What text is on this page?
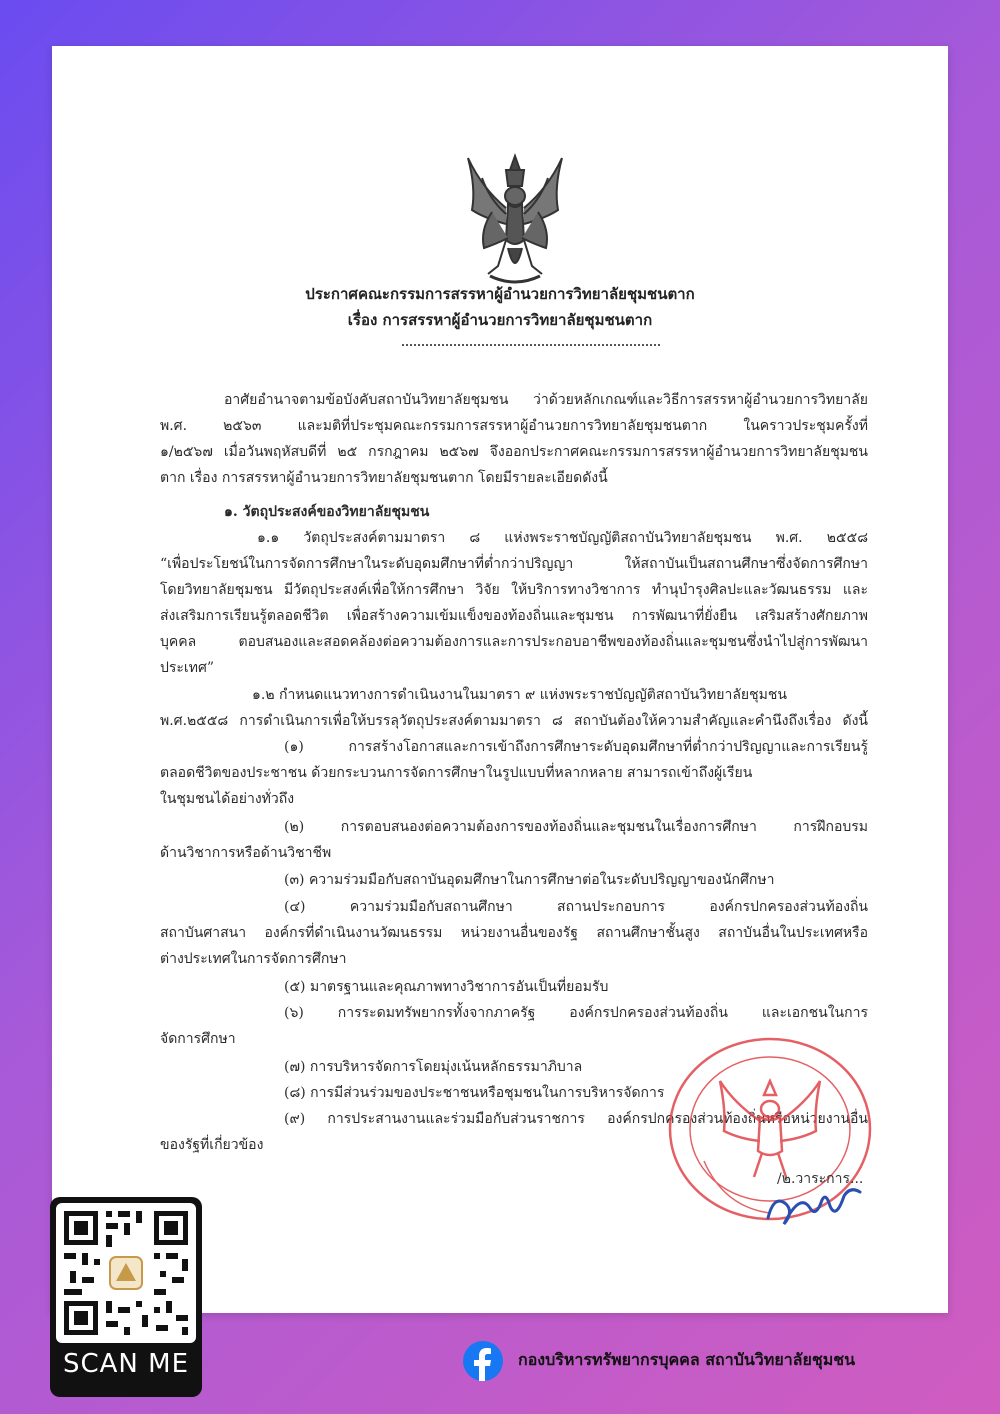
ประกาศคณะกรรมการสรรหาผู้อำนวยการวิทยาลัยชุมชนตาก
เรื่อง การสรรหาผู้อำนวยการวิทยาลัยชุมชนตาก
อาศัยอำนาจตามข้อบังคับสถาบันวิทยาลัยชุมชน ว่าด้วยหลักเกณฑ์และวิธีการสรรหาผู้อำนวยการวิทยาลัย
พ.ศ. ๒๕๖๓ และมติที่ประชุมคณะกรรมการสรรหาผู้อำนวยการวิทยาลัยชุมชนตาก ในคราวประชุมครั้งที่
๑/๒๕๖๗ เมื่อวันพฤหัสบดีที่ ๒๕ กรกฎาคม ๒๕๖๗ จึงออกประกาศคณะกรรมการสรรหาผู้อำนวยการวิทยาลัยชุมชน
ตาก เรื่อง การสรรหาผู้อำนวยการวิทยาลัยชุมชนตาก โดยมีรายละเอียดดังนี้
๑. วัตถุประสงค์ของวิทยาลัยชุมชน
๑.๑ วัตถุประสงค์ตามมาตรา ๘ แห่งพระราชบัญญัติสถาบันวิทยาลัยชุมชน พ.ศ. ๒๕๕๘
“เพื่อประโยชน์ในการจัดการศึกษาในระดับอุดมศึกษาที่ต่ำกว่าปริญญา ให้สถาบันเป็นสถานศึกษาซึ่งจัดการศึกษา
โดยวิทยาลัยชุมชน มีวัตถุประสงค์เพื่อให้การศึกษา วิจัย ให้บริการทางวิชาการ ทำนุบำรุงศิลปะและวัฒนธรรม และ
ส่งเสริมการเรียนรู้ตลอดชีวิต เพื่อสร้างความเข้มแข็งของท้องถิ่นและชุมชน การพัฒนาที่ยั่งยืน เสริมสร้างศักยภาพ
บุคคล ตอบสนองและสอดคล้องต่อความต้องการและการประกอบอาชีพของท้องถิ่นและชุมชนซึ่งนำไปสู่การพัฒนา
ประเทศ”
๑.๒ กำหนดแนวทางการดำเนินงานในมาตรา ๙ แห่งพระราชบัญญัติสถาบันวิทยาลัยชุมชน
พ.ศ.๒๕๕๘ การดำเนินการเพื่อให้บรรลุวัตถุประสงค์ตามมาตรา ๘ สถาบันต้องให้ความสำคัญและคำนึงถึงเรื่อง ดังนี้
(๑) การสร้างโอกาสและการเข้าถึงการศึกษาระดับอุดมศึกษาที่ต่ำกว่าปริญญาและการเรียนรู้
ตลอดชีวิตของประชาชน ด้วยกระบวนการจัดการศึกษาในรูปแบบที่หลากหลาย สามารถเข้าถึงผู้เรียน
ในชุมชนได้อย่างทั่วถึง
(๒) การตอบสนองต่อความต้องการของท้องถิ่นและชุมชนในเรื่องการศึกษา การฝึกอบรม
ด้านวิชาการหรือด้านวิชาชีพ
(๓) ความร่วมมือกับสถาบันอุดมศึกษาในการศึกษาต่อในระดับปริญญาของนักศึกษา
(๔) ความร่วมมือกับสถานศึกษา สถานประกอบการ องค์กรปกครองส่วนท้องถิ่น
สถาบันศาสนา องค์กรที่ดำเนินงานวัฒนธรรม หน่วยงานอื่นของรัฐ สถานศึกษาชั้นสูง สถาบันอื่นในประเทศหรือ
ต่างประเทศในการจัดการศึกษา
(๕) มาตรฐานและคุณภาพทางวิชาการอันเป็นที่ยอมรับ
(๖) การระดมทรัพยากรทั้งจากภาครัฐ องค์กรปกครองส่วนท้องถิ่น และเอกชนในการ
จัดการศึกษา
(๗) การบริหารจัดการโดยมุ่งเน้นหลักธรรมาภิบาล
(๘) การมีส่วนร่วมของประชาชนหรือชุมชนในการบริหารจัดการ
(๙) การประสานงานและร่วมมือกับส่วนราชการ องค์กรปกครองส่วนท้องถิ่นหรือหน่วยงานอื่น
ของรัฐที่เกี่ยวข้อง
/๒.วาระการ...
SCAN ME	กองบริหารทรัพยากรบุคคล สถาบันวิทยาลัยชุมชน
